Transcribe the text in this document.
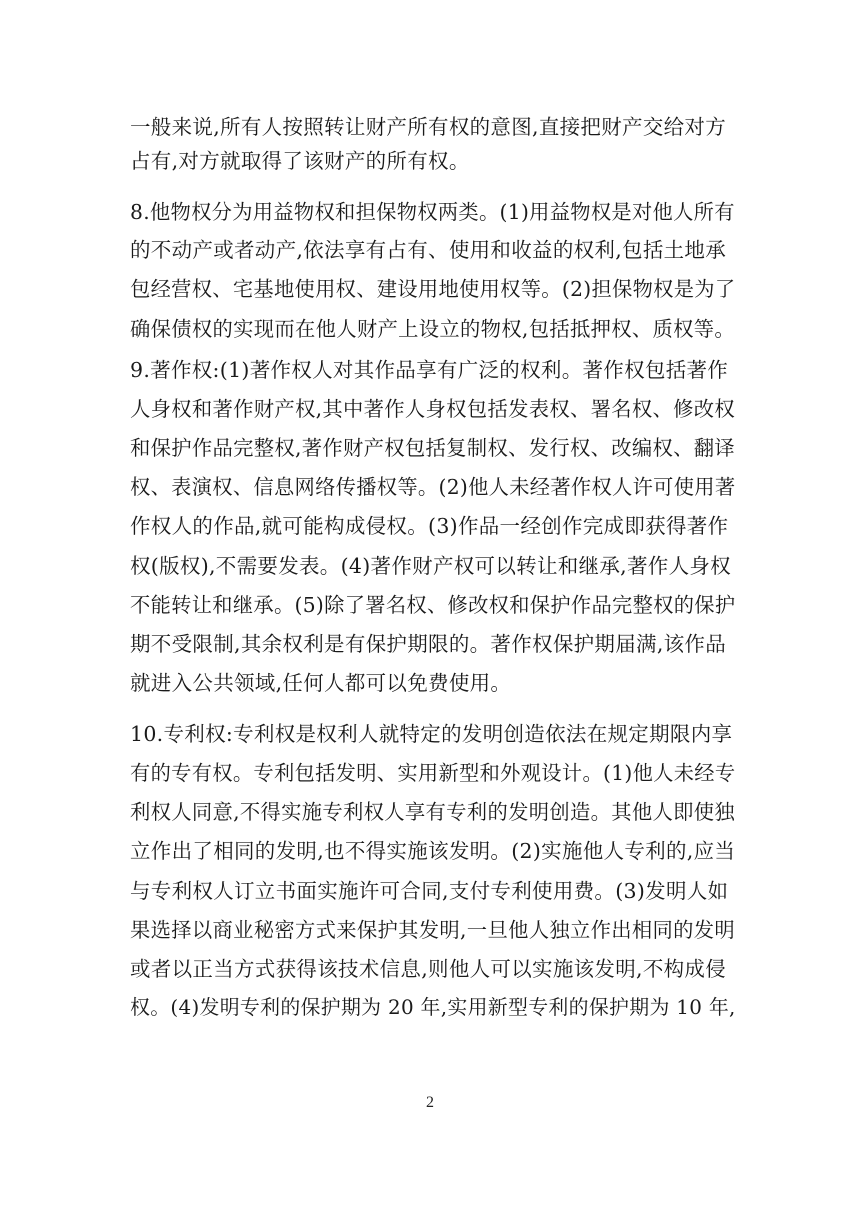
一般来说,所有人按照转让财产所有权的意图,直接把财产交给对方
占有,对方就取得了该财产的所有权。
8.他物权分为用益物权和担保物权两类。(1)用益物权是对他人所有
的不动产或者动产,依法享有占有、使用和收益的权利,包括土地承
包经营权、宅基地使用权、建设用地使用权等。(2)担保物权是为了
确保债权的实现而在他人财产上设立的物权,包括抵押权、质权等。
9.著作权:(1)著作权人对其作品享有广泛的权利。著作权包括著作
人身权和著作财产权,其中著作人身权包括发表权、署名权、修改权
和保护作品完整权,著作财产权包括复制权、发行权、改编权、翻译
权、表演权、信息网络传播权等。(2)他人未经著作权人许可使用著
作权人的作品,就可能构成侵权。(3)作品一经创作完成即获得著作
权(版权),不需要发表。(4)著作财产权可以转让和继承,著作人身权
不能转让和继承。(5)除了署名权、修改权和保护作品完整权的保护
期不受限制,其余权利是有保护期限的。著作权保护期届满,该作品
就进入公共领域,任何人都可以免费使用。
10.专利权:专利权是权利人就特定的发明创造依法在规定期限内享
有的专有权。专利包括发明、实用新型和外观设计。(1)他人未经专
利权人同意,不得实施专利权人享有专利的发明创造。其他人即使独
立作出了相同的发明,也不得实施该发明。(2)实施他人专利的,应当
与专利权人订立书面实施许可合同,支付专利使用费。(3)发明人如
果选择以商业秘密方式来保护其发明,一旦他人独立作出相同的发明
或者以正当方式获得该技术信息,则他人可以实施该发明,不构成侵
权。(4)发明专利的保护期为 20 年,实用新型专利的保护期为 10 年,
2
